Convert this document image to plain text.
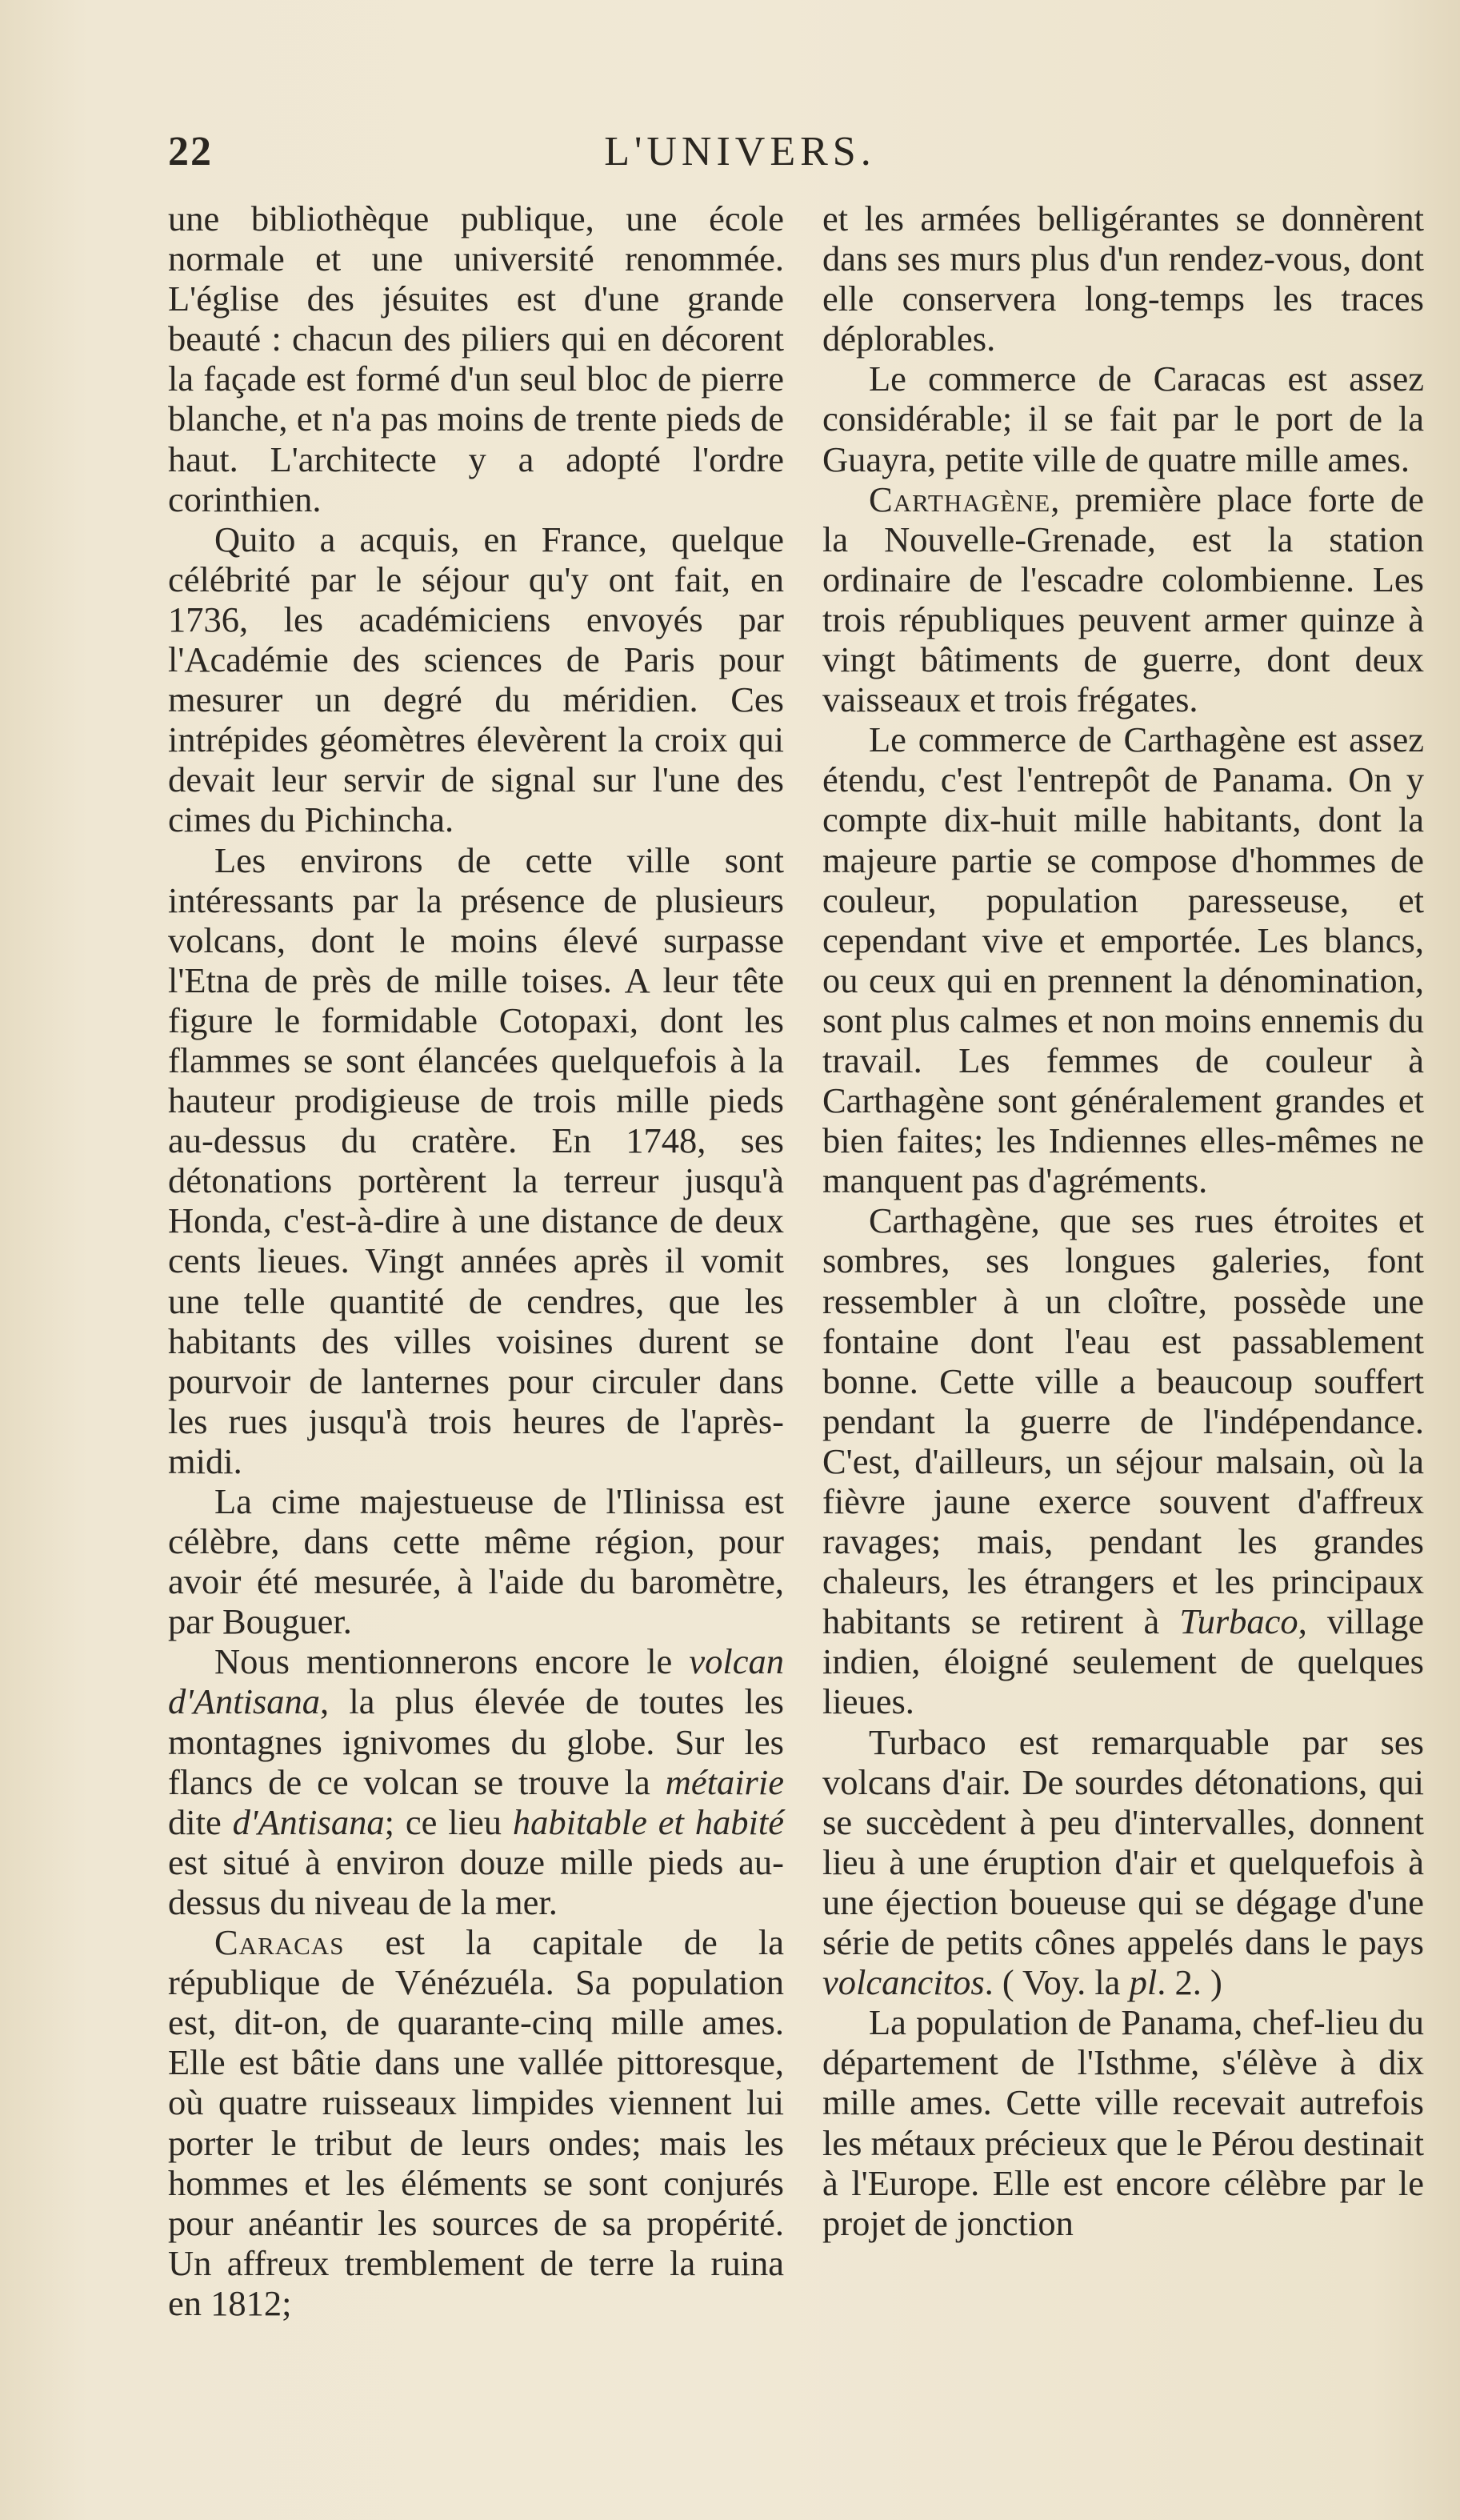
22	L'UNIVERS.

une bibliothèque publique, une école normale et une université renommée. L'église des jésuites est d'une grande beauté : chacun des piliers qui en décorent la façade est formé d'un seul bloc de pierre blanche, et n'a pas moins de trente pieds de haut. L'architecte y a adopté l'ordre corinthien.

Quito a acquis, en France, quelque célébrité par le séjour qu'y ont fait, en 1736, les académiciens envoyés par l'Académie des sciences de Paris pour mesurer un degré du méridien. Ces intrépides géomètres élevèrent la croix qui devait leur servir de signal sur l'une des cimes du Pichincha.

Les environs de cette ville sont intéressants par la présence de plusieurs volcans, dont le moins élevé surpasse l'Etna de près de mille toises. A leur tête figure le formidable Cotopaxi, dont les flammes se sont élancées quelquefois à la hauteur prodigieuse de trois mille pieds au-dessus du cratère. En 1748, ses détonations portèrent la terreur jusqu'à Honda, c'est-à-dire à une distance de deux cents lieues. Vingt années après il vomit une telle quantité de cendres, que les habitants des villes voisines durent se pourvoir de lanternes pour circuler dans les rues jusqu'à trois heures de l'après-midi.

La cime majestueuse de l'Ilinissa est célèbre, dans cette même région, pour avoir été mesurée, à l'aide du baromètre, par Bouguer.

Nous mentionnerons encore le volcan d'Antisana, la plus élevée de toutes les montagnes ignivomes du globe. Sur les flancs de ce volcan se trouve la métairie dite d'Antisana; ce lieu habitable et habité est situé à environ douze mille pieds au-dessus du niveau de la mer.

Caracas est la capitale de la république de Vénézuéla. Sa population est, dit-on, de quarante-cinq mille ames. Elle est bâtie dans une vallée pittoresque, où quatre ruisseaux limpides viennent lui porter le tribut de leurs ondes; mais les hommes et les éléments se sont conjurés pour anéantir les sources de sa propérité. Un affreux tremblement de terre la ruina en 1812;

et les armées belligérantes se donnèrent dans ses murs plus d'un rendez-vous, dont elle conservera long-temps les traces déplorables.

Le commerce de Caracas est assez considérable; il se fait par le port de la Guayra, petite ville de quatre mille ames.

Carthagène, première place forte de la Nouvelle-Grenade, est la station ordinaire de l'escadre colombienne. Les trois républiques peuvent armer quinze à vingt bâtiments de guerre, dont deux vaisseaux et trois frégates.

Le commerce de Carthagène est assez étendu, c'est l'entrepôt de Panama. On y compte dix-huit mille habitants, dont la majeure partie se compose d'hommes de couleur, population paresseuse, et cependant vive et emportée. Les blancs, ou ceux qui en prennent la dénomination, sont plus calmes et non moins ennemis du travail. Les femmes de couleur à Carthagène sont généralement grandes et bien faites; les Indiennes elles-mêmes ne manquent pas d'agréments.

Carthagène, que ses rues étroites et sombres, ses longues galeries, font ressembler à un cloître, possède une fontaine dont l'eau est passablement bonne. Cette ville a beaucoup souffert pendant la guerre de l'indépendance. C'est, d'ailleurs, un séjour malsain, où la fièvre jaune exerce souvent d'affreux ravages; mais, pendant les grandes chaleurs, les étrangers et les principaux habitants se retirent à Turbaco, village indien, éloigné seulement de quelques lieues.

Turbaco est remarquable par ses volcans d'air. De sourdes détonations, qui se succèdent à peu d'intervalles, donnent lieu à une éruption d'air et quelquefois à une éjection boueuse qui se dégage d'une série de petits cônes appelés dans le pays volcancitos. ( Voy. la pl. 2. )

La population de Panama, chef-lieu du département de l'Isthme, s'élève à dix mille ames. Cette ville recevait autrefois les métaux précieux que le Pérou destinait à l'Europe. Elle est encore célèbre par le projet de jonction
